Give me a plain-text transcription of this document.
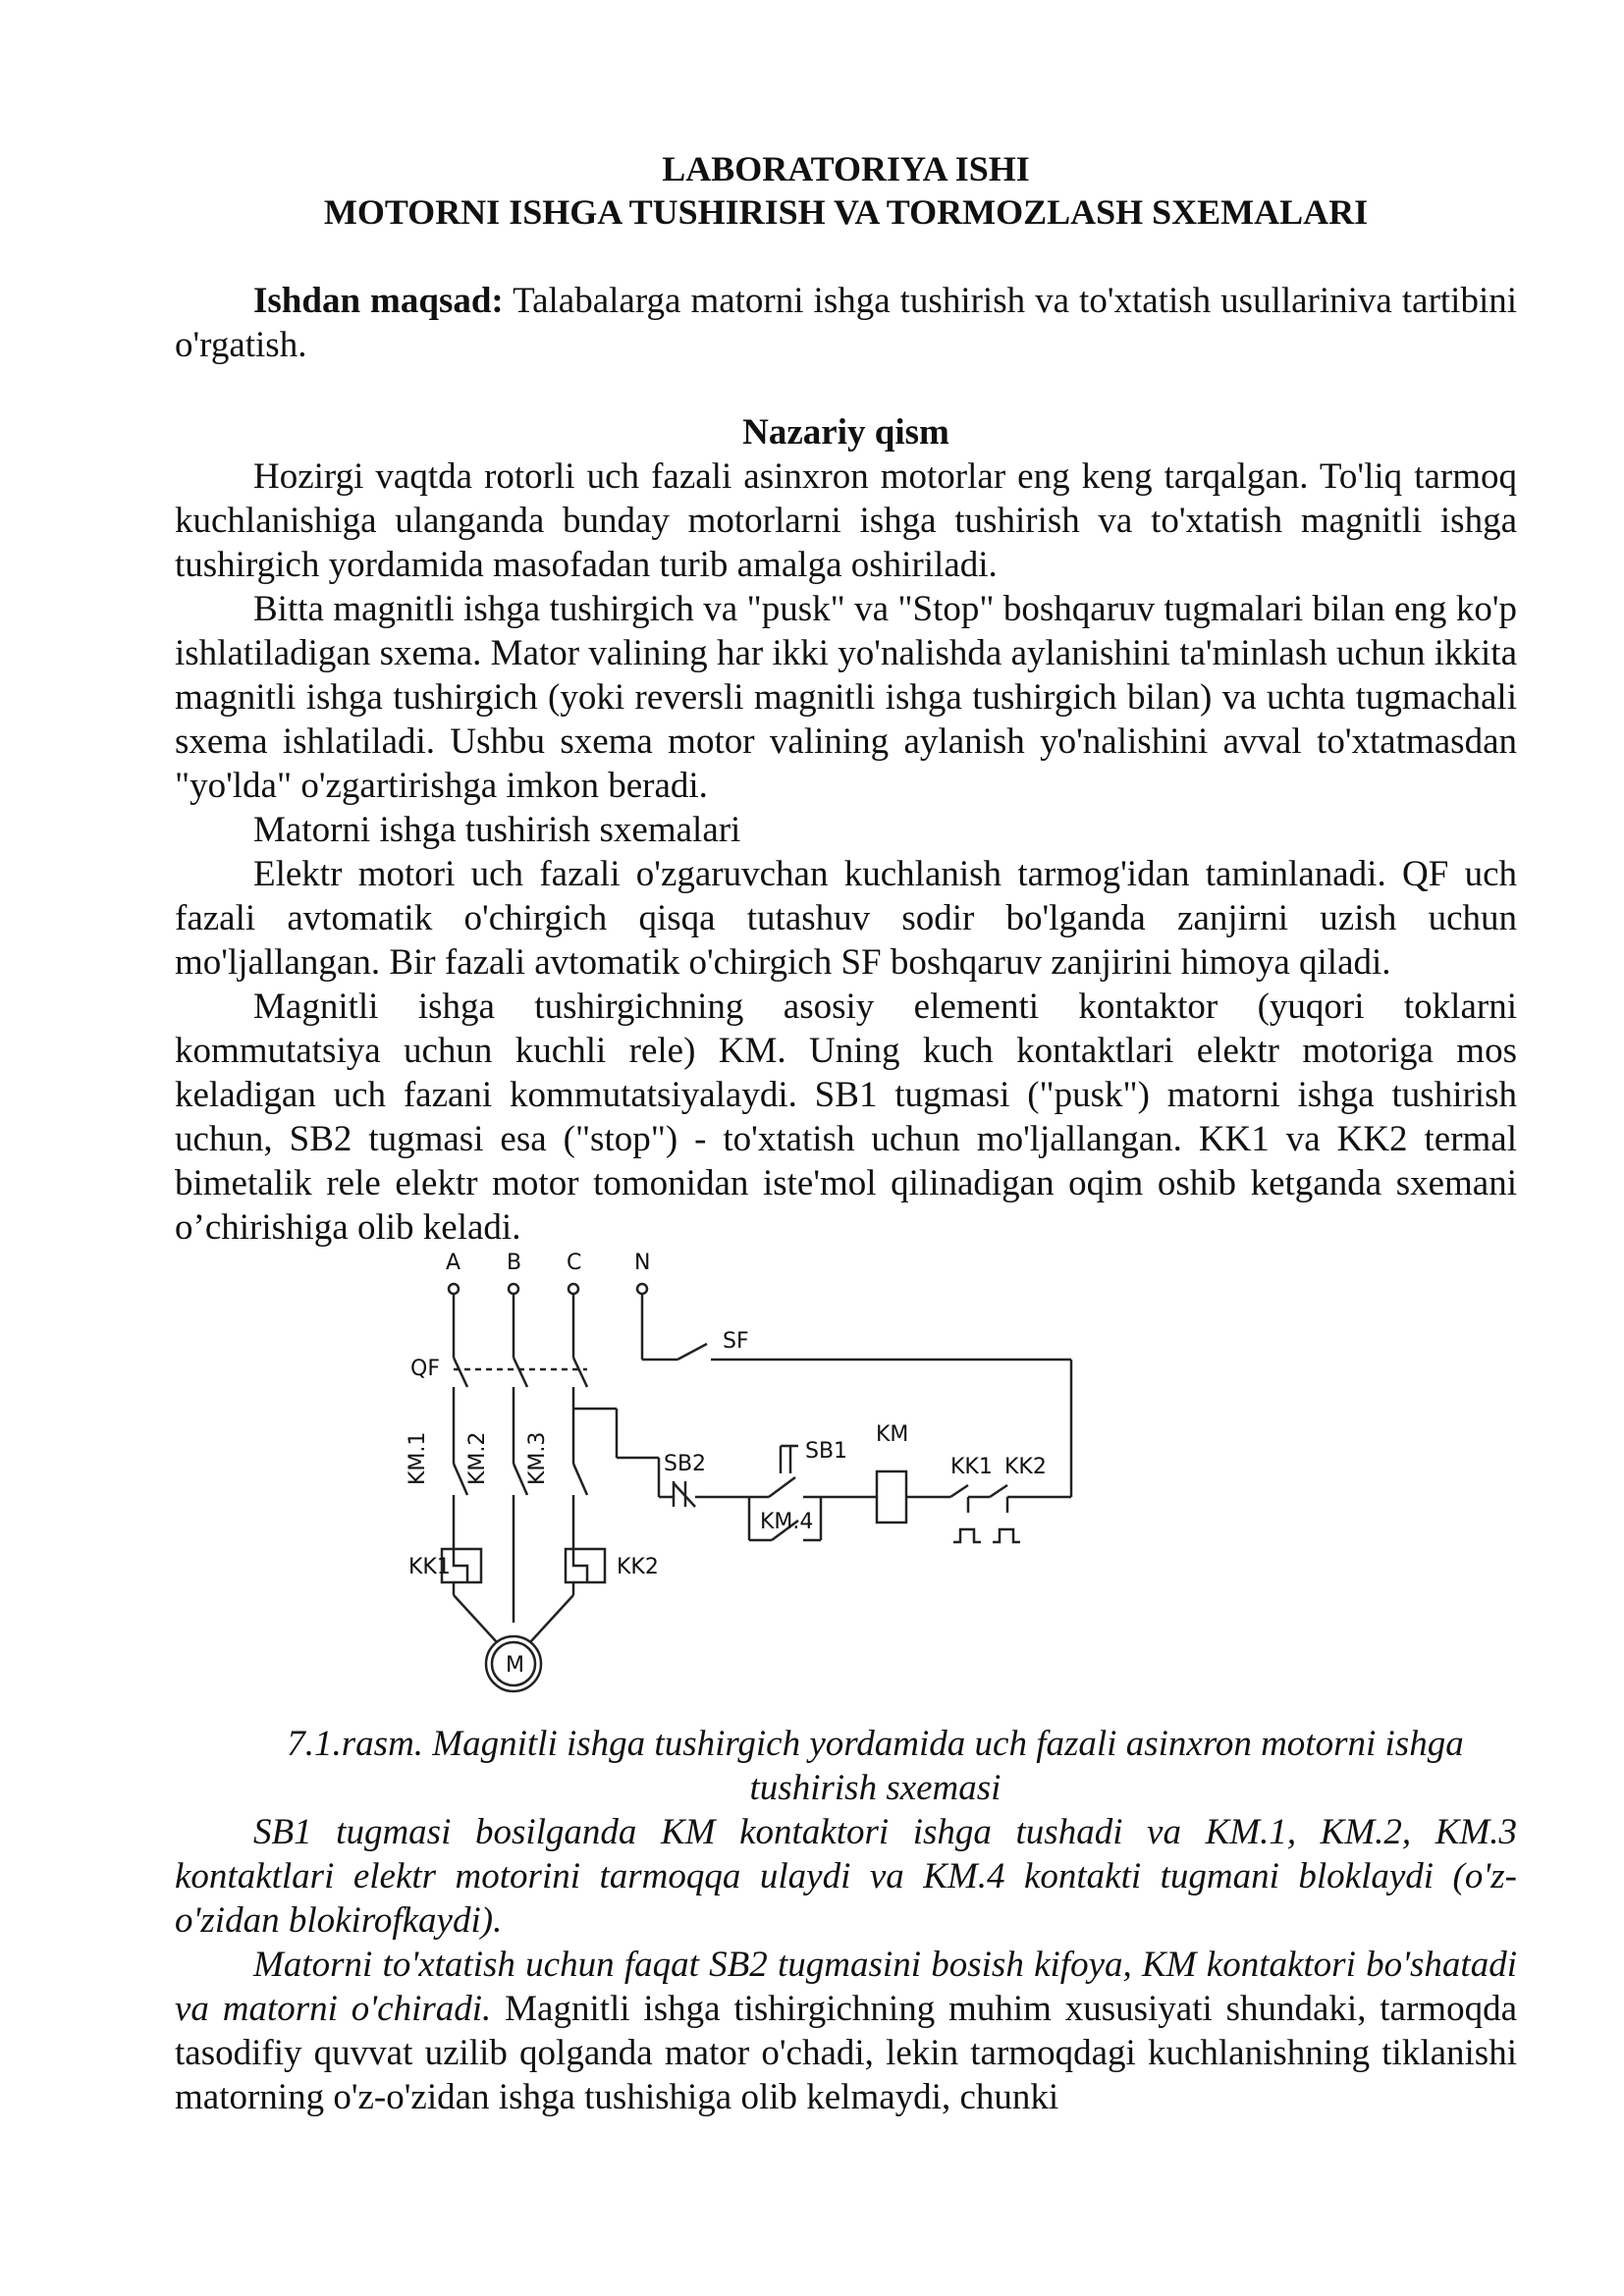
LABORATORIYA ISHI
MOTORNI ISHGA TUSHIRISH VA TORMOZLASH SXEMALARI

Ishdan maqsad: Talabalarga matorni ishga tushirish va to'xtatish usullariniva tartibini o'rgatish.

Nazariy qism

Hozirgi vaqtda rotorli uch fazali asinxron motorlar eng keng tarqalgan. To'liq tarmoq kuchlanishiga ulanganda bunday motorlarni ishga tushirish va to'xtatish magnitli ishga tushirgich yordamida masofadan turib amalga oshiriladi.

Bitta magnitli ishga tushirgich va "pusk" va "Stop" boshqaruv tugmalari bilan eng ko'p ishlatiladigan sxema. Mator valining har ikki yo'nalishda aylanishini ta'minlash uchun ikkita magnitli ishga tushirgich (yoki reversli magnitli ishga tushirgich bilan) va uchta tugmachali sxema ishlatiladi. Ushbu sxema motor valining aylanish yo'nalishini avval to'xtatmasdan "yo'lda" o'zgartirishga imkon beradi.

Matorni ishga tushirish sxemalari

Elektr motori uch fazali o'zgaruvchan kuchlanish tarmog'idan taminlanadi. QF uch fazali avtomatik o'chirgich qisqa tutashuv sodir bo'lganda zanjirni uzish uchun mo'ljallangan. Bir fazali avtomatik o'chirgich SF boshqaruv zanjirini himoya qiladi.

Magnitli ishga tushirgichning asosiy elementi kontaktor (yuqori toklarni kommutatsiya uchun kuchli rele) KM. Uning kuch kontaktlari elektr motoriga mos keladigan uch fazani kommutatsiyalaydi. SB1 tugmasi ("pusk") matorni ishga tushirish uchun, SB2 tugmasi esa ("stop") - to'xtatish uchun mo'ljallangan. KK1 va KK2 termal bimetalik rele elektr motor tomonidan iste'mol qilinadigan oqim oshib ketganda sxemani o’chirishiga olib keladi.

A B C N
QF
SF
KM.1 KM.2 KM.3	SB2
SB1
KM.4
KM
KK1 KK2
KK1	KK2
M

7.1.rasm. Magnitli ishga tushirgich yordamida uch fazali asinxron motorni ishga tushirish sxemasi

SB1 tugmasi bosilganda KM kontaktori ishga tushadi va KM.1, KM.2, KM.3 kontaktlari elektr motorini tarmoqqa ulaydi va KM.4 kontakti tugmani bloklaydi (o'z-o'zidan blokirofkaydi).

Matorni to'xtatish uchun faqat SB2 tugmasini bosish kifoya, KM kontaktori bo'shatadi va matorni o'chiradi. Magnitli ishga tishirgichning muhim xususiyati shundaki, tarmoqda tasodifiy quvvat uzilib qolganda mator o'chadi, lekin tarmoqdagi kuchlanishning tiklanishi matorning o'z-o'zidan ishga tushishiga olib kelmaydi, chunki
